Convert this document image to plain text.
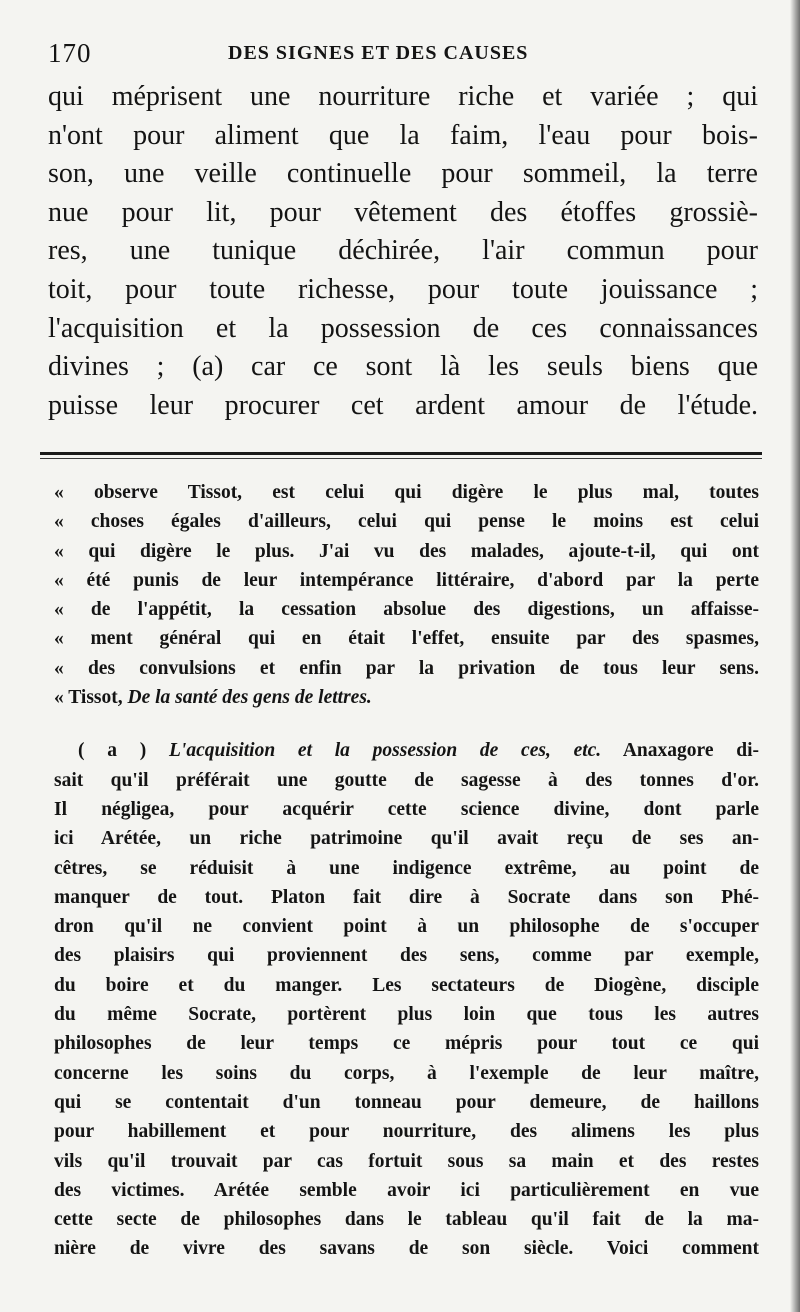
170	DES SIGNES ET DES CAUSES
qui méprisent une nourriture riche et variée ; qui
n'ont pour aliment que la faim, l'eau pour bois-
son, une veille continuelle pour sommeil, la terre
nue pour lit, pour vêtement des étoffes grossiè-
res, une tunique déchirée, l'air commun pour
toit, pour toute richesse, pour toute jouissance ;
l'acquisition et la possession de ces connaissances
divines ; (a) car ce sont là les seuls biens que
puisse leur procurer cet ardent amour de l'étude.
« observe Tissot, est celui qui digère le plus mal, toutes
« choses égales d'ailleurs, celui qui pense le moins est celui
« qui digère le plus. J'ai vu des malades, ajoute-t-il, qui ont
« été punis de leur intempérance littéraire, d'abord par la perte
« de l'appétit, la cessation absolue des digestions, un affaisse-
« ment général qui en était l'effet, ensuite par des spasmes,
« des convulsions et enfin par la privation de tous leur sens.
« Tissot, De la santé des gens de lettres.
( a ) L'acquisition et la possession de ces, etc. Anaxagore di-
sait qu'il préférait une goutte de sagesse à des tonnes d'or.
Il négligea, pour acquérir cette science divine, dont parle
ici Arétée, un riche patrimoine qu'il avait reçu de ses an-
cêtres, se réduisit à une indigence extrême, au point de
manquer de tout. Platon fait dire à Socrate dans son Phé-
dron qu'il ne convient point à un philosophe de s'occuper
des plaisirs qui proviennent des sens, comme par exemple,
du boire et du manger. Les sectateurs de Diogène, disciple
du même Socrate, portèrent plus loin que tous les autres
philosophes de leur temps ce mépris pour tout ce qui
concerne les soins du corps, à l'exemple de leur maître,
qui se contentait d'un tonneau pour demeure, de haillons
pour habillement et pour nourriture, des alimens les plus
vils qu'il trouvait par cas fortuit sous sa main et des restes
des victimes. Arétée semble avoir ici particulièrement en vue
cette secte de philosophes dans le tableau qu'il fait de la ma-
nière de vivre des savans de son siècle. Voici comment
